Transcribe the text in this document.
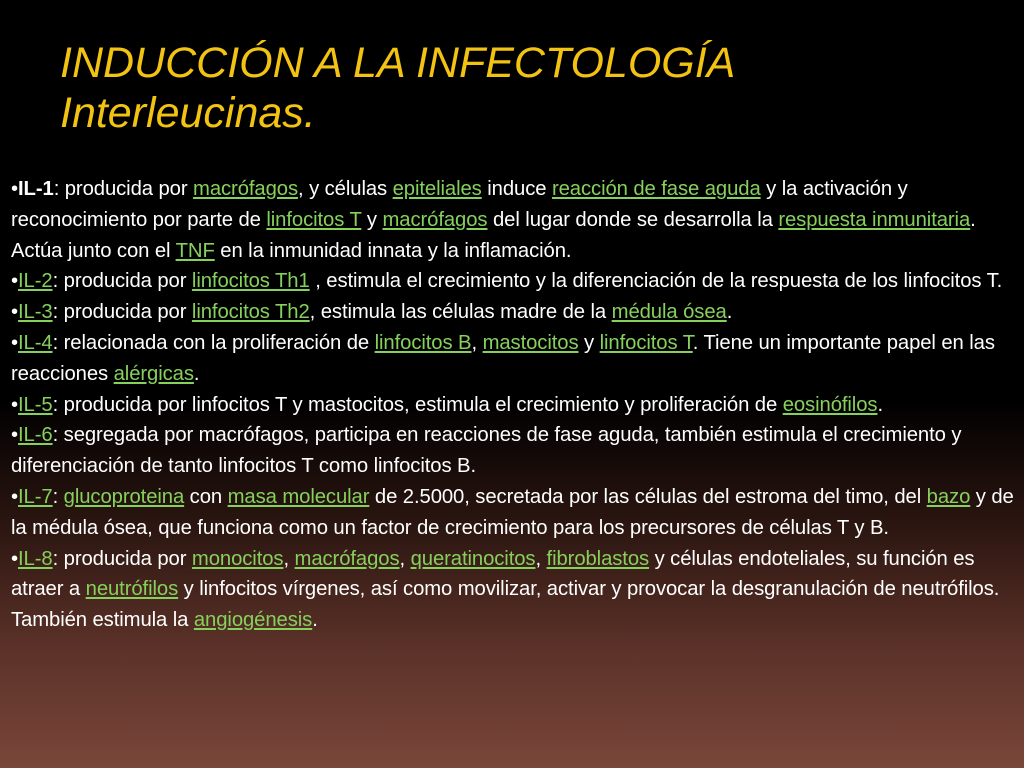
INDUCCIÓN A LA INFECTOLOGÍA
Interleucinas.

•IL-1: producida por macrófagos, y células epiteliales induce reacción de fase aguda y la activación y reconocimiento por parte de linfocitos T y macrófagos del lugar donde se desarrolla la respuesta inmunitaria. Actúa junto con el TNF en la inmunidad innata y la inflamación.

•IL-2: producida por linfocitos Th1 , estimula el crecimiento y la diferenciación de la respuesta de los linfocitos T.

•IL-3: producida por linfocitos Th2, estimula las células madre de la médula ósea.

•IL-4: relacionada con la proliferación de linfocitos B, mastocitos y linfocitos T. Tiene un importante papel en las reacciones alérgicas.

•IL-5: producida por linfocitos T y mastocitos, estimula el crecimiento y proliferación de eosinófilos.

•IL-6: segregada por macrófagos, participa en reacciones de fase aguda, también estimula el crecimiento y diferenciación de tanto linfocitos T como linfocitos B.

•IL-7: glucoproteina con masa molecular de 2.5000, secretada por las células del estroma del timo, del bazo y de la médula ósea, que funciona como un factor de crecimiento para los precursores de células T y B.

•IL-8: producida por monocitos, macrófagos, queratinocitos, fibroblastos y células endoteliales, su función es atraer a neutrófilos y linfocitos vírgenes, así como movilizar, activar y provocar la desgranulación de neutrófilos. También estimula la angiogénesis.
